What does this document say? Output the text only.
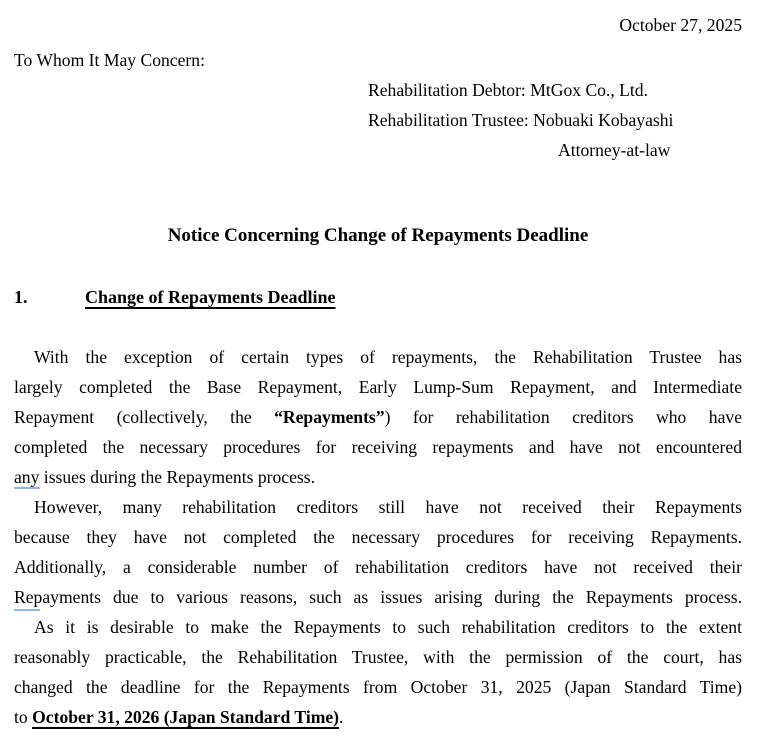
October 27, 2025
To Whom It May Concern:
Rehabilitation Debtor: MtGox Co., Ltd.
Rehabilitation Trustee: Nobuaki Kobayashi
Attorney-at-law
Notice Concerning Change of Repayments Deadline
1.	Change of Repayments Deadline
With the exception of certain types of repayments, the Rehabilitation Trustee has
largely completed the Base Repayment, Early Lump-Sum Repayment, and Intermediate
Repayment (collectively, the “Repayments”) for rehabilitation creditors who have
completed the necessary procedures for receiving repayments and have not encountered
any issues during the Repayments process.
However, many rehabilitation creditors still have not received their Repayments
because they have not completed the necessary procedures for receiving Repayments.
Additionally, a considerable number of rehabilitation creditors have not received their
Repayments due to various reasons, such as issues arising during the Repayments process.
As it is desirable to make the Repayments to such rehabilitation creditors to the extent
reasonably practicable, the Rehabilitation Trustee, with the permission of the court, has
changed the deadline for the Repayments from October 31, 2025 (Japan Standard Time)
to October 31, 2026 (Japan Standard Time).
